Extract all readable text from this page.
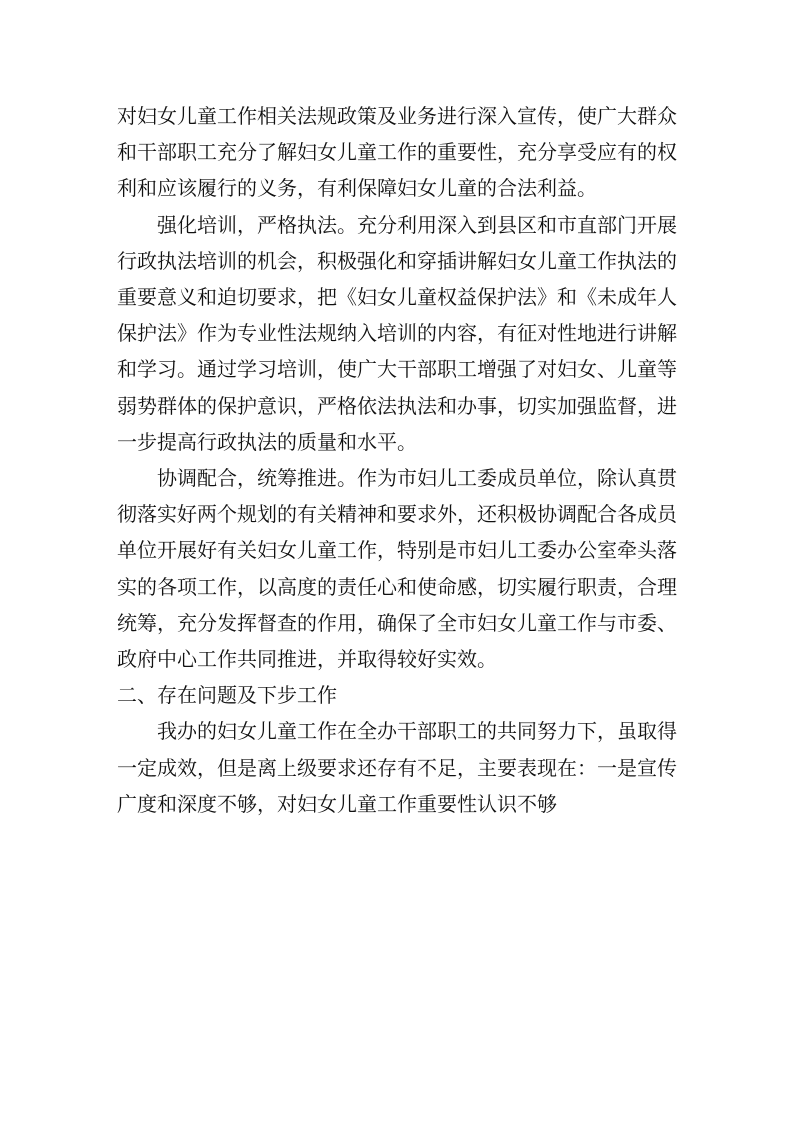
对妇女儿童工作相关法规政策及业务进行深入宣传，使广大群众和干部职工充分了解妇女儿童工作的重要性，充分享受应有的权利和应该履行的义务，有利保障妇女儿童的合法利益。

强化培训，严格执法。充分利用深入到县区和市直部门开展行政执法培训的机会，积极强化和穿插讲解妇女儿童工作执法的重要意义和迫切要求，把《妇女儿童权益保护法》和《未成年人保护法》作为专业性法规纳入培训的内容，有征对性地进行讲解和学习。通过学习培训，使广大干部职工增强了对妇女、儿童等弱势群体的保护意识，严格依法执法和办事，切实加强监督，进一步提高行政执法的质量和水平。

协调配合，统筹推进。作为市妇儿工委成员单位，除认真贯彻落实好两个规划的有关精神和要求外，还积极协调配合各成员单位开展好有关妇女儿童工作，特别是市妇儿工委办公室牵头落实的各项工作，以高度的责任心和使命感，切实履行职责，合理统筹，充分发挥督查的作用，确保了全市妇女儿童工作与市委、政府中心工作共同推进，并取得较好实效。

二、存在问题及下步工作

我办的妇女儿童工作在全办干部职工的共同努力下，虽取得一定成效，但是离上级要求还存有不足，主要表现在：一是宣传广度和深度不够，对妇女儿童工作重要性认识不够
